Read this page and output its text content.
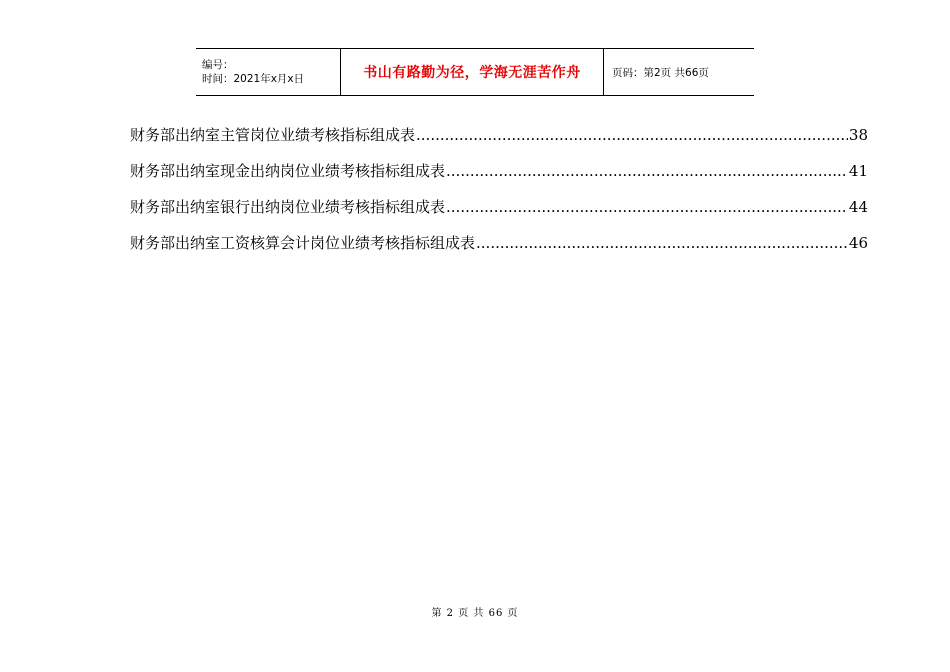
编号：
时间：2021年x月x日	书山有路勤为径，学海无涯苦作舟	页码：第2页 共66页
财务部出纳室主管岗位业绩考核指标组成表 .....	38
财务部出纳室现金出纳岗位业绩考核指标组成表 .....	41
财务部出纳室银行出纳岗位业绩考核指标组成表 .....	44
财务部出纳室工资核算会计岗位业绩考核指标组成表 .....	46
第 2 页 共 66 页
